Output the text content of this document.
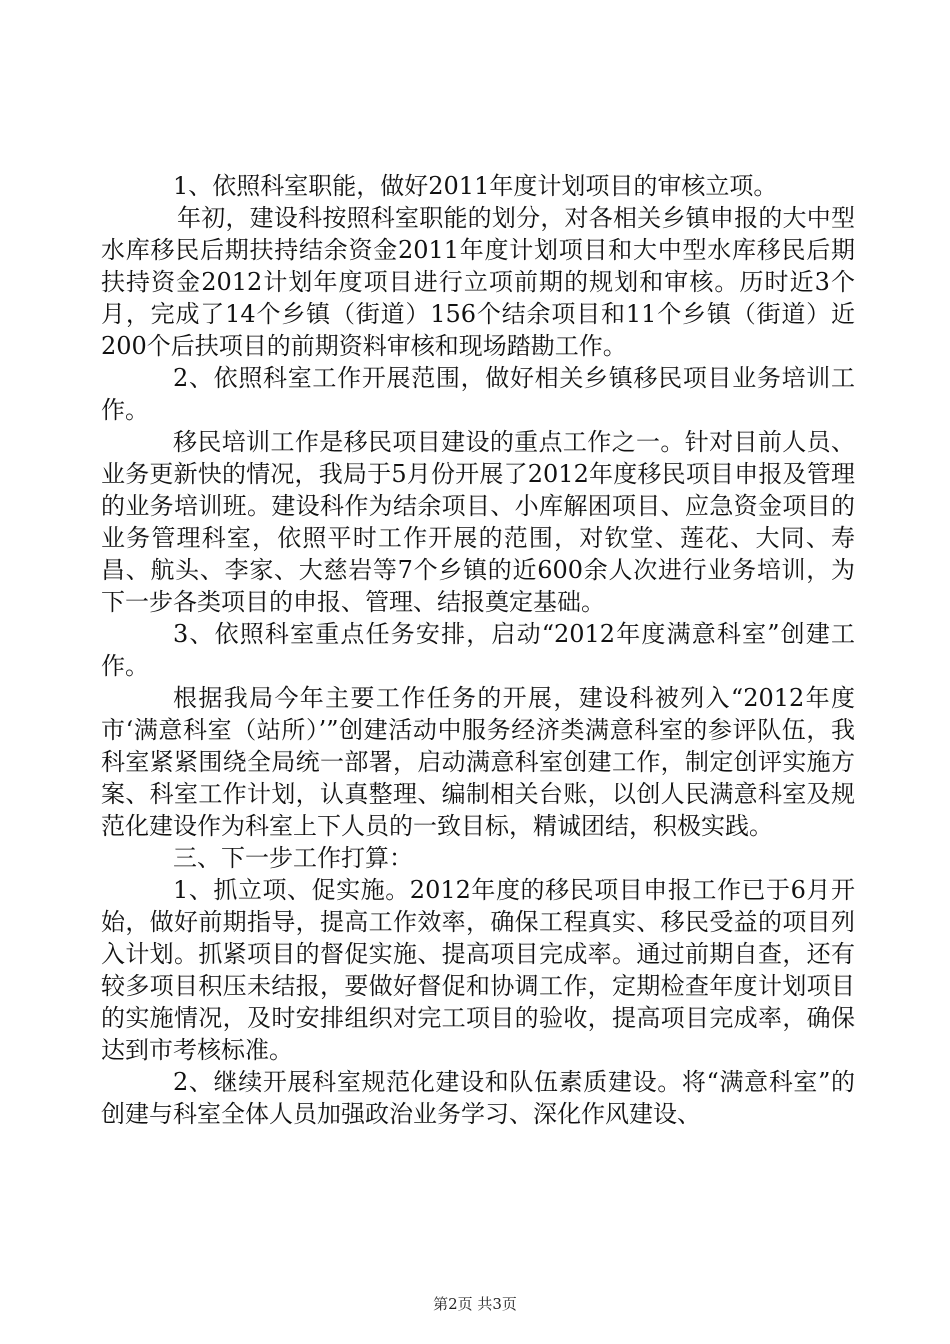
1、依照科室职能，做好2011年度计划项目的审核立项。

年初，建设科按照科室职能的划分，对各相关乡镇申报的大中型水库移民后期扶持结余资金2011年度计划项目和大中型水库移民后期扶持资金2012计划年度项目进行立项前期的规划和审核。历时近3个月，完成了14个乡镇（街道）156个结余项目和11个乡镇（街道）近200个后扶项目的前期资料审核和现场踏勘工作。

2、依照科室工作开展范围，做好相关乡镇移民项目业务培训工作。

移民培训工作是移民项目建设的重点工作之一。针对目前人员、业务更新快的情况，我局于5月份开展了2012年度移民项目申报及管理的业务培训班。建设科作为结余项目、小库解困项目、应急资金项目的业务管理科室，依照平时工作开展的范围，对钦堂、莲花、大同、寿昌、航头、李家、大慈岩等7个乡镇的近600余人次进行业务培训，为下一步各类项目的申报、管理、结报奠定基础。

3、依照科室重点任务安排，启动“2012年度满意科室”创建工作。

根据我局今年主要工作任务的开展，建设科被列入“2012年度市‘满意科室（站所）’”创建活动中服务经济类满意科室的参评队伍，我科室紧紧围绕全局统一部署，启动满意科室创建工作，制定创评实施方案、科室工作计划，认真整理、编制相关台账，以创人民满意科室及规范化建设作为科室上下人员的一致目标，精诚团结，积极实践。

三、下一步工作打算：

1、抓立项、促实施。2012年度的移民项目申报工作已于6月开始，做好前期指导，提高工作效率，确保工程真实、移民受益的项目列入计划。抓紧项目的督促实施、提高项目完成率。通过前期自查，还有较多项目积压未结报，要做好督促和协调工作，定期检查年度计划项目的实施情况，及时安排组织对完工项目的验收，提高项目完成率，确保达到市考核标准。

2、继续开展科室规范化建设和队伍素质建设。将“满意科室”的创建与科室全体人员加强政治业务学习、深化作风建设、

第2页 共3页
